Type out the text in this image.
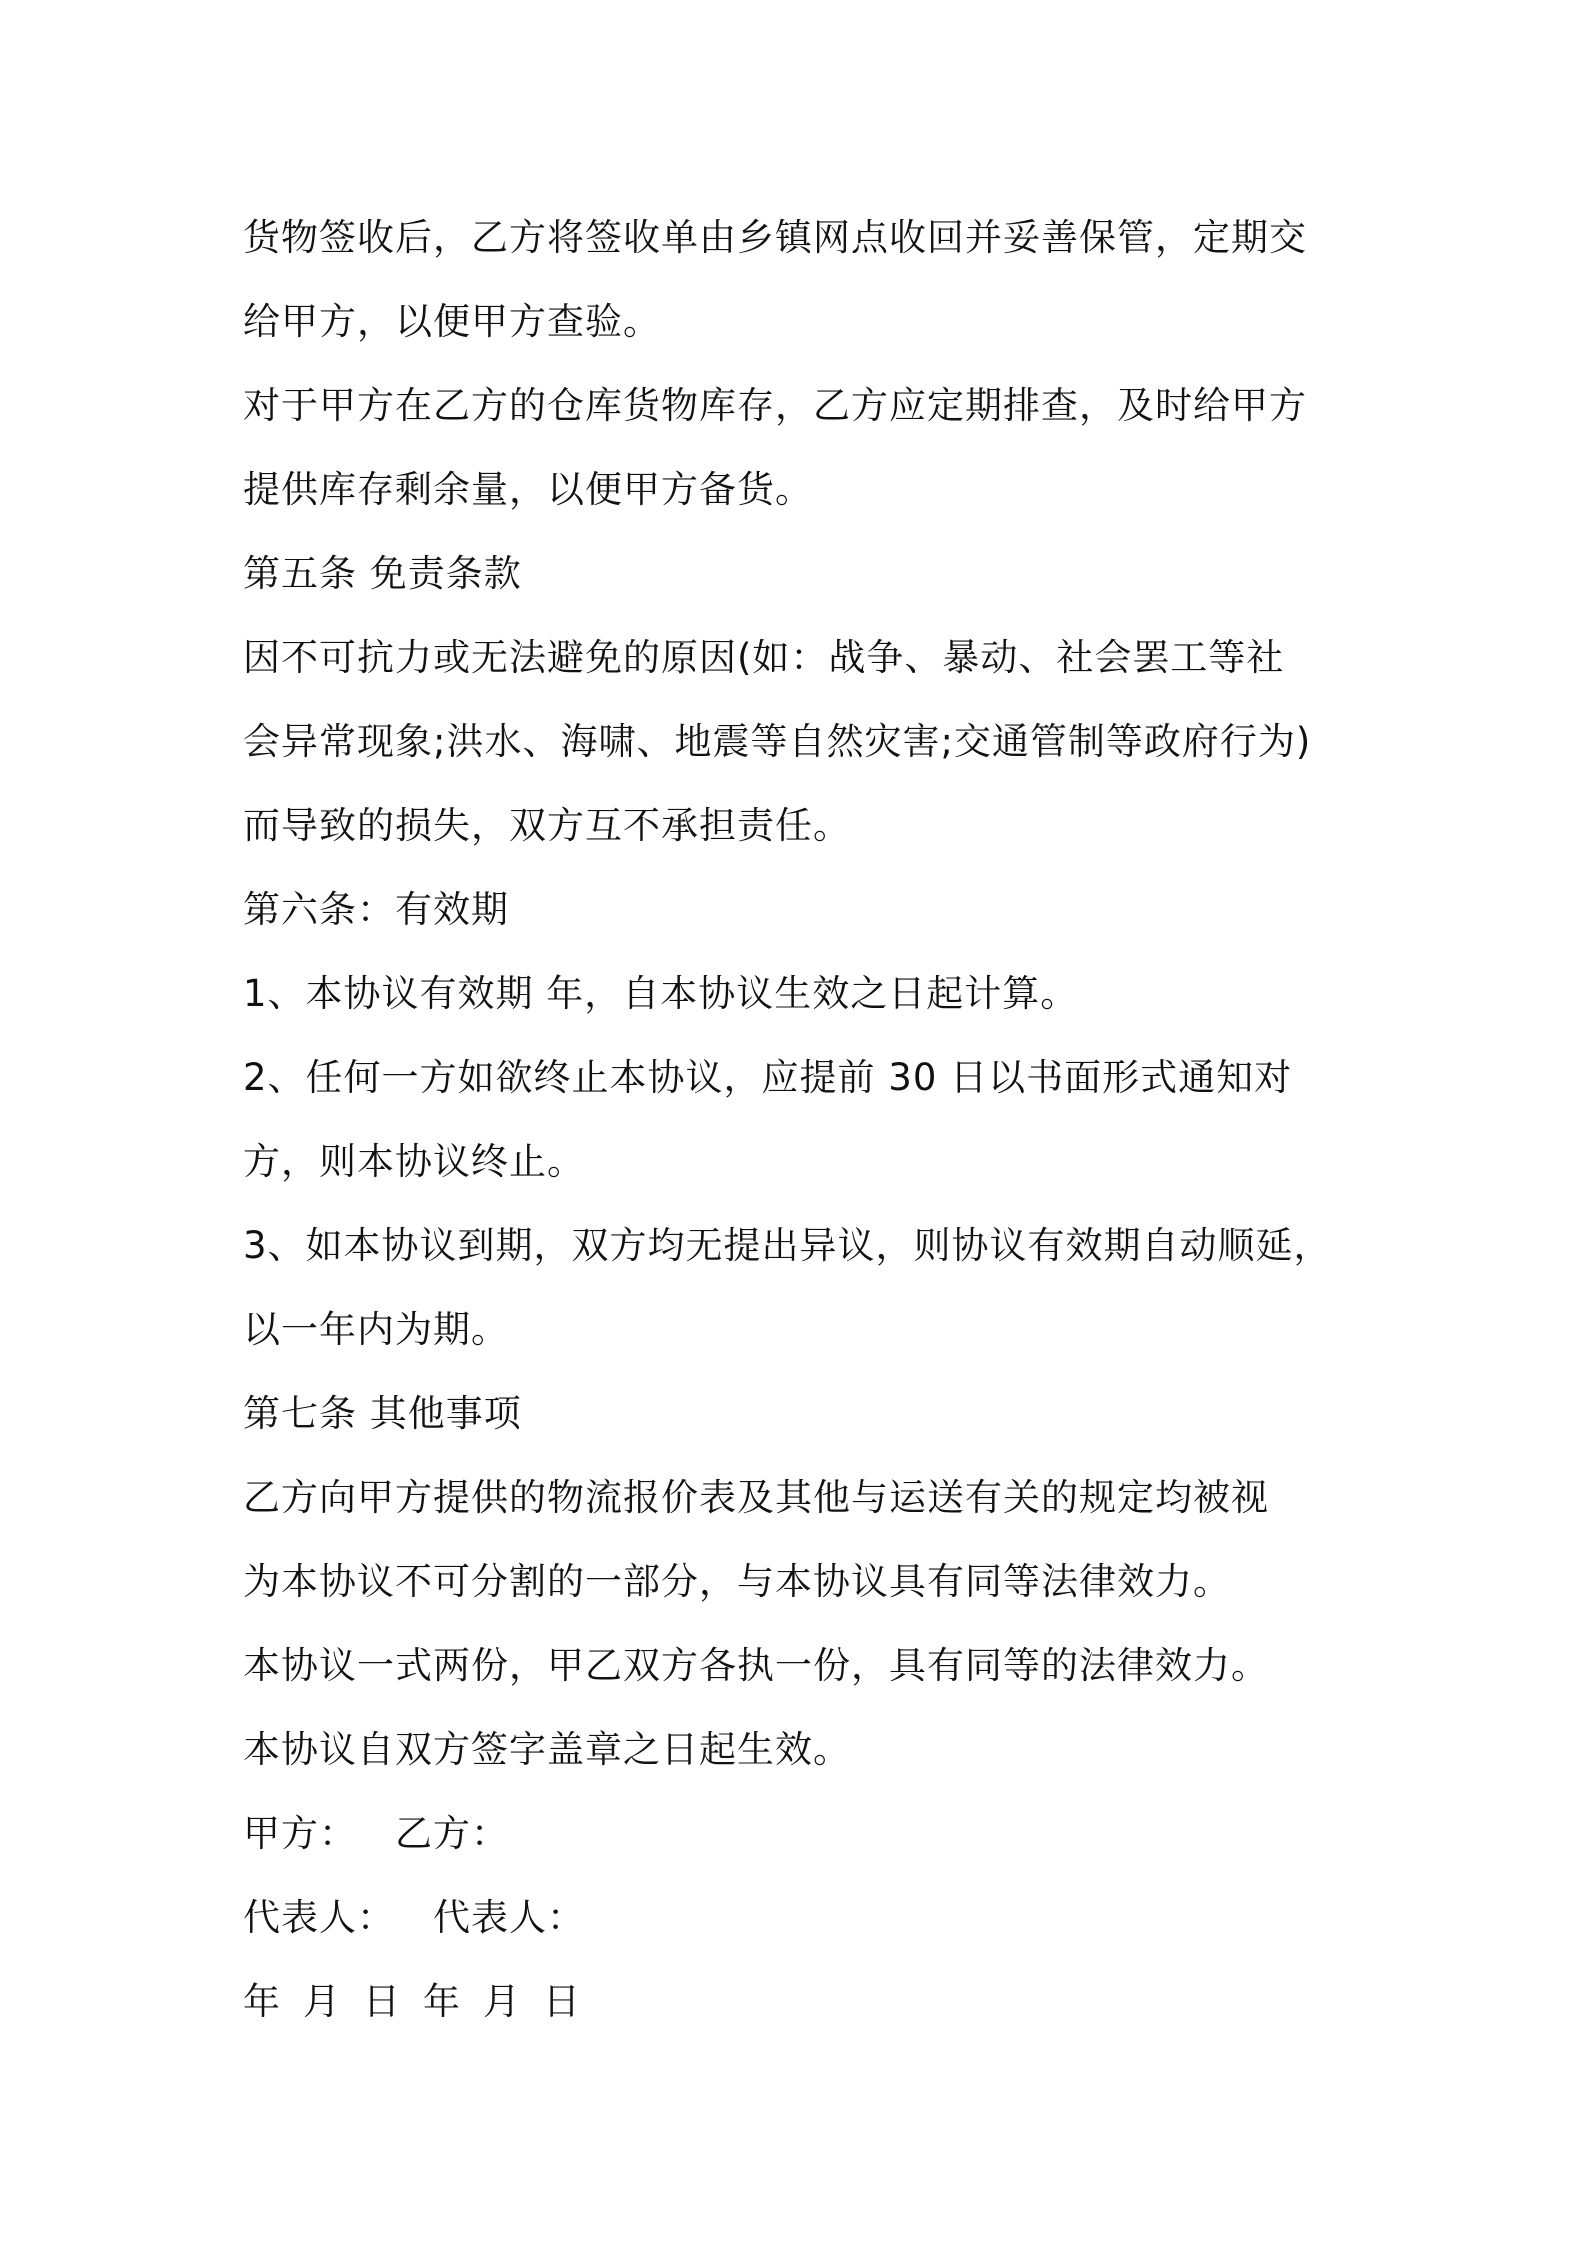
货物签收后，乙方将签收单由乡镇网点收回并妥善保管，定期交

给甲方，以便甲方查验。

对于甲方在乙方的仓库货物库存，乙方应定期排查，及时给甲方

提供库存剩余量，以便甲方备货。

第五条 免责条款

因不可抗力或无法避免的原因(如：战争、暴动、社会罢工等社

会异常现象;洪水、海啸、地震等自然灾害;交通管制等政府行为)

而导致的损失，双方互不承担责任。

第六条：有效期

1、本协议有效期 年，自本协议生效之日起计算。

2、任何一方如欲终止本协议，应提前 30 日以书面形式通知对

方，则本协议终止。

3、如本协议到期，双方均无提出异议，则协议有效期自动顺延，

以一年内为期。

第七条 其他事项

乙方向甲方提供的物流报价表及其他与运送有关的规定均被视

为本协议不可分割的一部分，与本协议具有同等法律效力。

本协议一式两份，甲乙双方各执一份，具有同等的法律效力。

本协议自双方签字盖章之日起生效。

甲方： 乙方：

代表人： 代表人：

年 月 日 年 月 日
